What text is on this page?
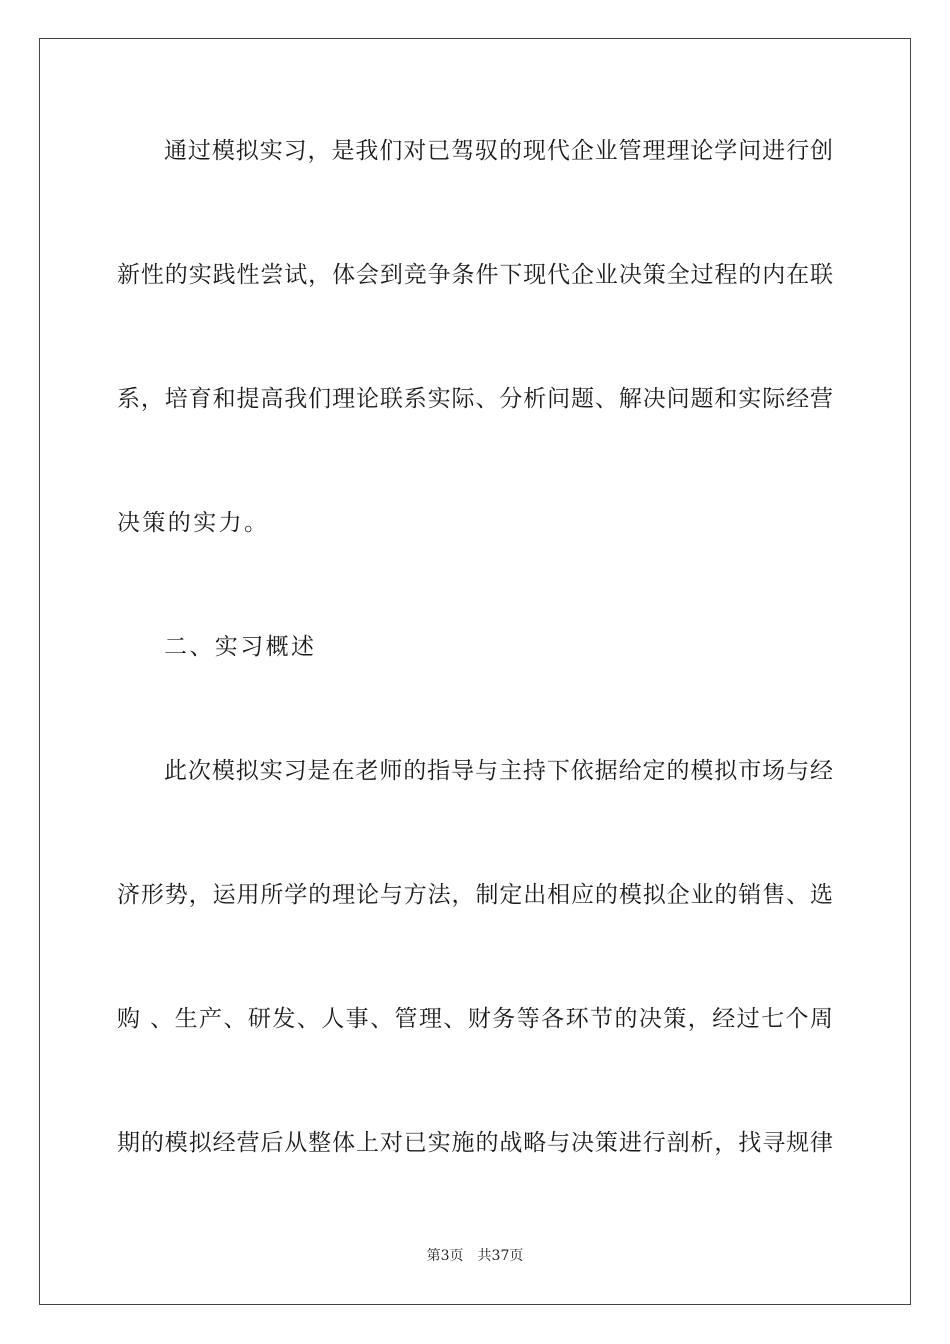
通过模拟实习，是我们对已驾驭的现代企业管理理论学问进行创
新性的实践性尝试，体会到竞争条件下现代企业决策全过程的内在联
系，培育和提高我们理论联系实际、分析问题、解决问题和实际经营
决策的实力。
二、实习概述
此次模拟实习是在老师的指导与主持下依据给定的模拟市场与经
济形势，运用所学的理论与方法，制定出相应的模拟企业的销售、选
购 、生产、研发、人事、管理、财务等各环节的决策，经过七个周
期的模拟经营后从整体上对已实施的战略与决策进行剖析，找寻规律
第3页 共37页
